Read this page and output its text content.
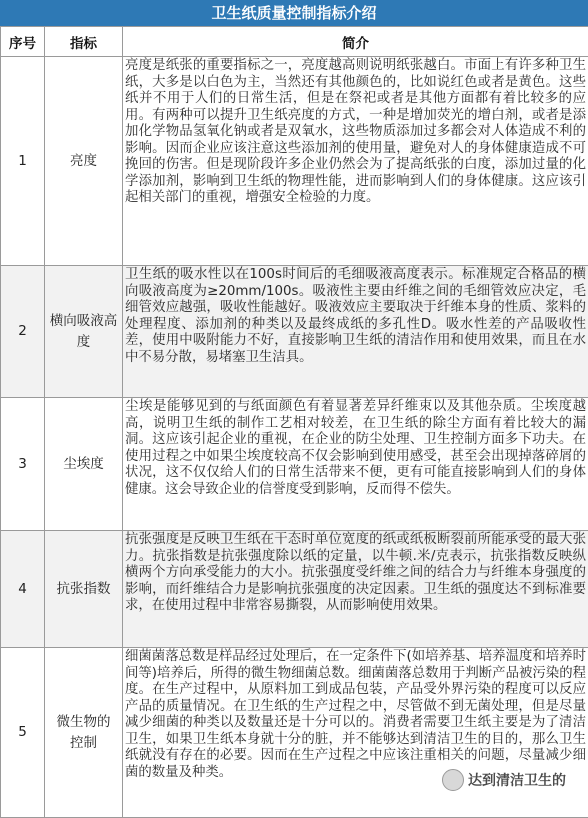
卫生纸质量控制指标介绍
序号	指标	简介
1	亮度	亮度是纸张的重要指标之一，亮度越高则说明纸张越白。市面上有许多种卫生纸，大多是以白色为主，当然还有其他颜色的，比如说红色或者是黄色。这些纸并不用于人们的日常生活，但是在祭祀或者是其他方面都有着比较多的应用。有两种可以提升卫生纸亮度的方式，一种是增加荧光的增白剂，或者是添加化学物品氢氧化钠或者是双氧水，这些物质添加过多都会对人体造成不利的影响。因而企业应该注意这些添加剂的使用量，避免对人的身体健康造成不可挽回的伤害。但是现阶段许多企业仍然会为了提高纸张的白度，添加过量的化学添加剂，影响到卫生纸的物理性能，进而影响到人们的身体健康。这应该引起相关部门的重视，增强安全检验的力度。
2	横向吸液高度	卫生纸的吸水性以在100s时间后的毛细吸液高度表示。标准规定合格品的横向吸液高度为≥20mm/100s。吸液性主要由纤维之间的毛细管效应决定，毛细管效应越强，吸收性能越好。吸液效应主要取决于纤维本身的性质、浆料的处理程度、添加剂的种类以及最终成纸的多孔性D。吸水性差的产品吸收性差，使用中吸附能力不好，直接影响卫生纸的清洁作用和使用效果，而且在水中不易分散，易堵塞卫生洁具。
3	尘埃度	尘埃是能够见到的与纸面颜色有着显著差异纤维束以及其他杂质。尘埃度越高，说明卫生纸的制作工艺相对较差，在卫生纸的除尘方面有着比较大的漏洞。这应该引起企业的重视，在企业的防尘处理、卫生控制方面多下功夫。在使用过程之中如果尘埃度较高不仅会影响到使用感受，甚至会出现掉落碎屑的状况，这不仅仅给人们的日常生活带来不便，更有可能直接影响到人们的身体健康。这会导致企业的信誉度受到影响，反而得不偿失。
4	抗张指数	抗张强度是反映卫生纸在干态时单位宽度的纸或纸板断裂前所能承受的最大张力。抗张指数是抗张强度除以纸的定量，以牛顿.米/克表示，抗张指数反映纵横两个方向承受能力的大小。抗张强度受纤维之间的结合力与纤维本身强度的影响，而纤维结合力是影响抗张强度的决定因素。卫生纸的强度达不到标准要求，在使用过程中非常容易撕裂，从而影响使用效果。
5	微生物的控制	细菌菌落总数是样品经过处理后，在一定条件下(如培养基、培养温度和培养时间等)培养后，所得的微生物细菌总数。细菌菌落总数用于判断产品被污染的程度。在生产过程中，从原料加工到成品包装，产品受外界污染的程度可以反应产品的质量情况。在卫生纸的生产过程之中，尽管做不到无菌处理，但是尽量减少细菌的种类以及数量还是十分可以的。消费者需要卫生纸主要是为了清洁卫生，如果卫生纸本身就十分的脏，并不能够达到清洁卫生的目的，那么卫生纸就没有存在的必要。因而在生产过程之中应该注重相关的问题，尽量减少细菌的数量及种类。
达到清洁卫生的
